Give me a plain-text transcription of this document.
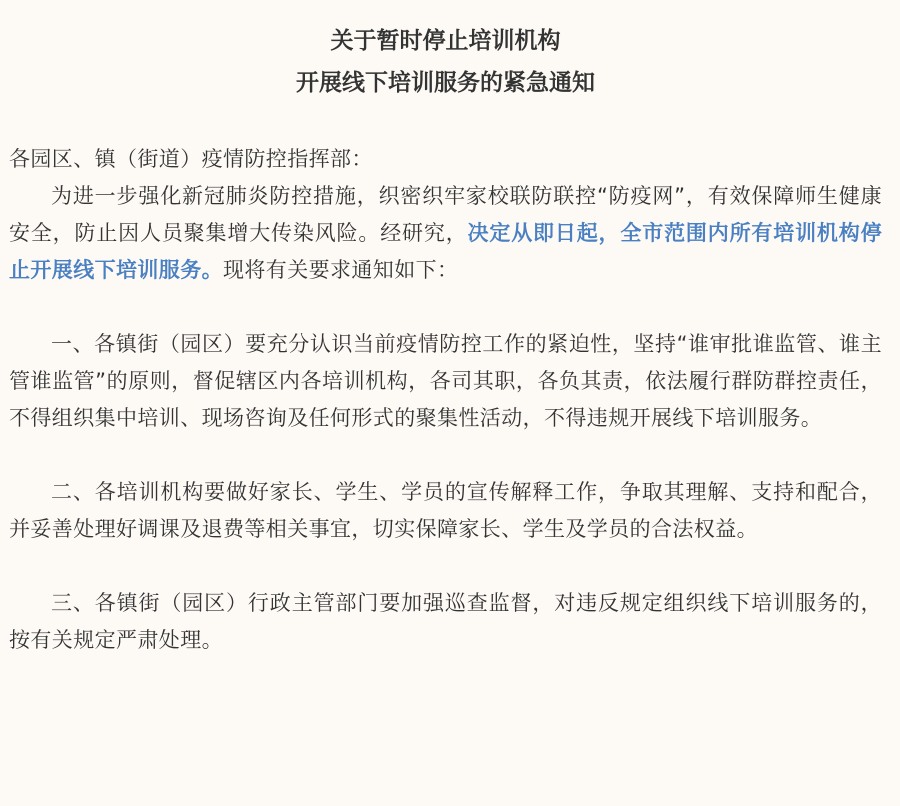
关于暂时停止培训机构

开展线下培训服务的紧急通知

各园区、镇（街道）疫情防控指挥部：

为进一步强化新冠肺炎防控措施，织密织牢家校联防联控“防疫网”，有效保障师生健康安全，防止因人员聚集增大传染风险。经研究，决定从即日起，全市范围内所有培训机构停止开展线下培训服务。现将有关要求通知如下：

一、各镇街（园区）要充分认识当前疫情防控工作的紧迫性，坚持“谁审批谁监管、谁主管谁监管”的原则，督促辖区内各培训机构，各司其职，各负其责，依法履行群防群控责任，不得组织集中培训、现场咨询及任何形式的聚集性活动，不得违规开展线下培训服务。

二、各培训机构要做好家长、学生、学员的宣传解释工作，争取其理解、支持和配合，并妥善处理好调课及退费等相关事宜，切实保障家长、学生及学员的合法权益。

三、各镇街（园区）行政主管部门要加强巡查监督，对违反规定组织线下培训服务的，按有关规定严肃处理。
